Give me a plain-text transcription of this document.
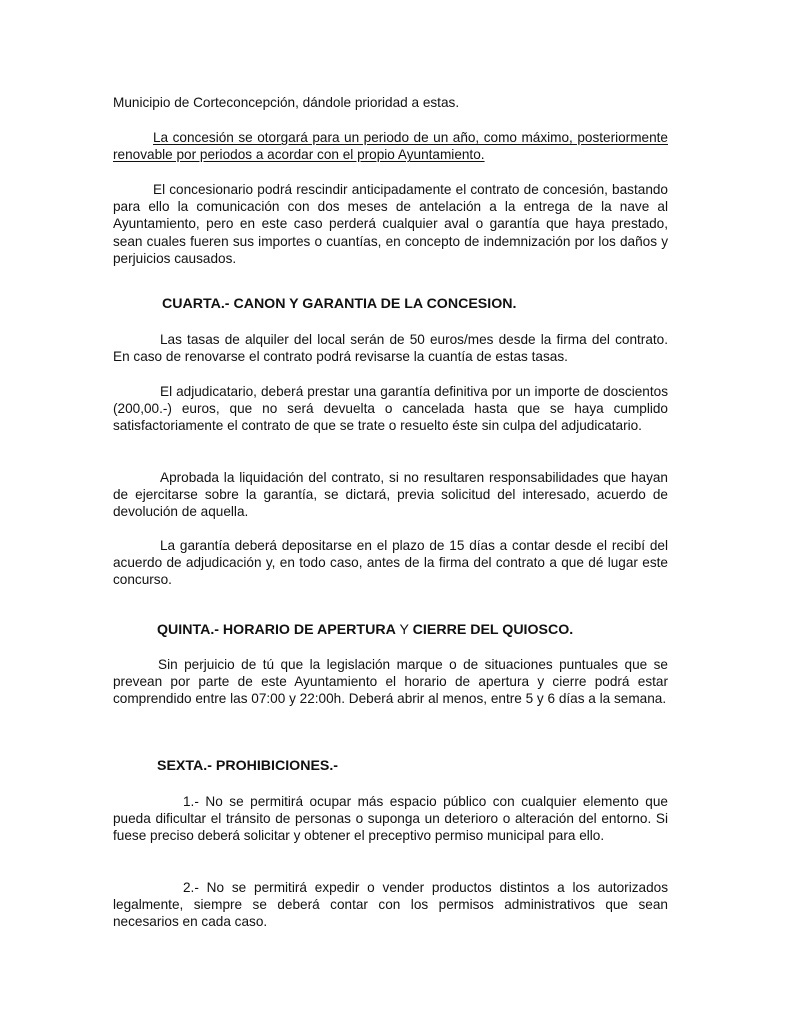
Municipio de Corteconcepción, dándole prioridad a estas.

La concesión se otorgará para un periodo de un año, como máximo, posteriormente renovable por periodos a acordar con el propio Ayuntamiento.

El concesionario podrá rescindir anticipadamente el contrato de concesión, bastando para ello la comunicación con dos meses de antelación a la entrega de la nave al Ayuntamiento, pero en este caso perderá cualquier aval o garantía que haya prestado, sean cuales fueren sus importes o cuantías, en concepto de indemnización por los daños y perjuicios causados.

CUARTA.- CANON Y GARANTIA DE LA CONCESION.

Las tasas de alquiler del local serán de 50 euros/mes desde la firma del contrato. En caso de renovarse el contrato podrá revisarse la cuantía de estas tasas.

El adjudicatario, deberá prestar una garantía definitiva por un importe de doscientos (200,00.-) euros, que no será devuelta o cancelada hasta que se haya cumplido satisfactoriamente el contrato de que se trate o resuelto éste sin culpa del adjudicatario.

Aprobada la liquidación del contrato, si no resultaren responsabilidades que hayan de ejercitarse sobre la garantía, se dictará, previa solicitud del interesado, acuerdo de devolución de aquella.

La garantía deberá depositarse en el plazo de 15 días a contar desde el recibí del acuerdo de adjudicación y, en todo caso, antes de la firma del contrato a que dé lugar este concurso.

QUINTA.- HORARIO DE APERTURA Y CIERRE DEL QUIOSCO.

Sin perjuicio de tú que la legislación marque o de situaciones puntuales que se prevean por parte de este Ayuntamiento el horario de apertura y cierre podrá estar comprendido entre las 07:00 y 22:00h. Deberá abrir al menos, entre 5 y 6 días a la semana.

SEXTA.- PROHIBICIONES.-

1.- No se permitirá ocupar más espacio público con cualquier elemento que pueda dificultar el tránsito de personas o suponga un deterioro o alteración del entorno. Si fuese preciso deberá solicitar y obtener el preceptivo permiso municipal para ello.

2.- No se permitirá expedir o vender productos distintos a los autorizados legalmente, siempre se deberá contar con los permisos administrativos que sean necesarios en cada caso.
